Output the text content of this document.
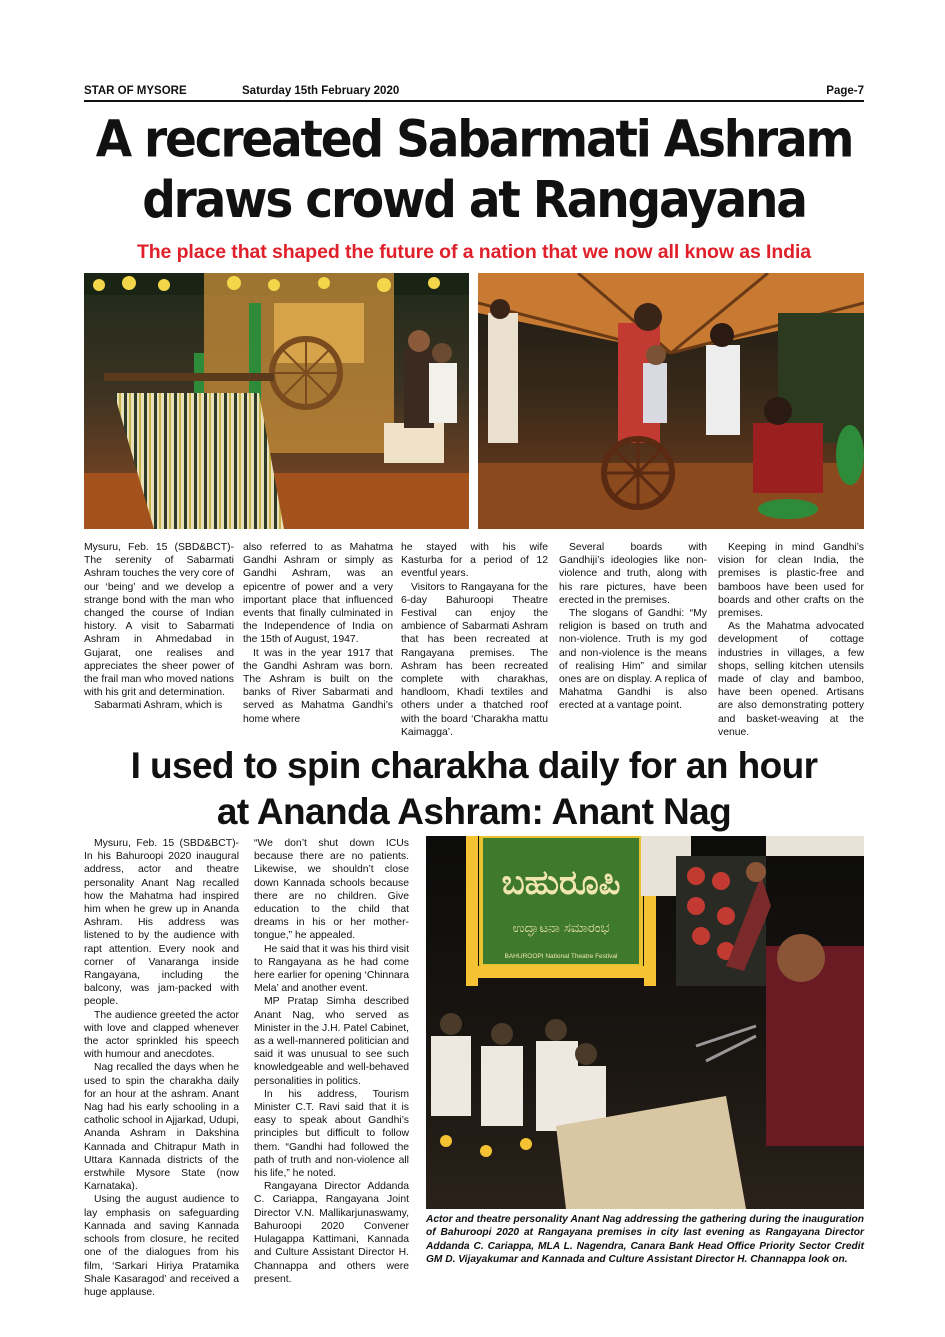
STAR OF MYSORE	Saturday 15th February 2020	Page-7
A recreated Sabarmati Ashram
draws crowd at Rangayana
The place that shaped the future of a nation that we now all know as India

Mysuru, Feb. 15 (SBD&BCT)- The serenity of Sabarmati Ashram touches the very core of our ‘being’ and we develop a strange bond with the man who changed the course of Indian history. A visit to Sabarmati Ashram in Ahmedabad in Gujarat, one realises and appreciates the sheer power of the frail man who moved nations with his grit and determination.

Sabarmati Ashram, which is

also referred to as Mahatma Gandhi Ashram or simply as Gandhi Ashram, was an epicentre of power and a very important place that influenced events that finally culminated in the Independence of India on the 15th of August, 1947.

It was in the year 1917 that the Gandhi Ashram was born. The Ashram is built on the banks of River Sabarmati and served as Mahatma Gandhi’s home where

he stayed with his wife Kasturba for a period of 12 eventful years.

Visitors to Rangayana for the 6-day Bahuroopi Theatre Festival can enjoy the ambience of Sabarmati Ashram that has been recreated at Rangayana premises. The Ashram has been recreated complete with charakhas, handloom, Khadi textiles and others under a thatched roof with the board ‘Charakha mattu Kaimagga’.

Several boards with Gandhiji’s ideologies like non-violence and truth, along with his rare pictures, have been erected in the premises.

The slogans of Gandhi: “My religion is based on truth and non-violence. Truth is my god and non-violence is the means of realising Him” and similar ones are on display. A replica of Mahatma Gandhi is also erected at a vantage point.

Keeping in mind Gandhi’s vision for clean India, the premises is plastic-free and bamboos have been used for boards and other crafts on the premises.

As the Mahatma advocated development of cottage industries in villages, a few shops, selling kitchen utensils made of clay and bamboo, have been opened. Artisans are also demonstrating pottery and basket-weaving at the venue.

I used to spin charakha daily for an hour
at Ananda Ashram: Anant Nag

Mysuru, Feb. 15 (SBD&BCT)- In his Bahuroopi 2020 inaugural address, actor and theatre personality Anant Nag recalled how the Mahatma had inspired him when he grew up in Ananda Ashram. His address was listened to by the audience with rapt attention. Every nook and corner of Vanaranga inside Rangayana, including the balcony, was jam-packed with people.

The audience greeted the actor with love and clapped whenever the actor sprinkled his speech with humour and anecdotes.

Nag recalled the days when he used to spin the charakha daily for an hour at the ashram. Anant Nag had his early schooling in a catholic school in Ajjarkad, Udupi, Ananda Ashram in Dakshina Kannada and Chitrapur Math in Uttara Kannada districts of the erstwhile Mysore State (now Karnataka).

Using the august audience to lay emphasis on safeguarding Kannada and saving Kannada schools from closure, he recited one of the dialogues from his film, ‘Sarkari Hiriya Pratamika Shale Kasaragod’ and received a huge applause.

“We don’t shut down ICUs because there are no patients. Likewise, we shouldn’t close down Kannada schools because there are no children. Give education to the child that dreams in his or her mother-tongue,” he appealed.

He said that it was his third visit to Rangayana as he had come here earlier for opening ‘Chinnara Mela’ and another event.

MP Pratap Simha described Anant Nag, who served as Minister in the J.H. Patel Cabinet, as a well-mannered politician and said it was unusual to see such knowledgeable and well-behaved personalities in politics.

In his address, Tourism Minister C.T. Ravi said that it is easy to speak about Gandhi’s principles but difficult to follow them. “Gandhi had followed the path of truth and non-violence all his life,” he noted.

Rangayana Director Addanda C. Cariappa, Rangayana Joint Director V.N. Mallikarjunaswamy, Bahuroopi 2020 Convener Hulagappa Kattimani, Kannada and Culture Assistant Director H. Channappa and others were present.

ಬಹುರೂಪಿ
ಉದ್ಘಾಟನಾ ಸಮಾರಂಭ
BAHUROOPI National Theatre Festival
Actor and theatre personality Anant Nag addressing the gathering during the inauguration of Bahuroopi 2020 at Rangayana premises in city last evening as Rangayana Director Addanda C. Cariappa, MLA L. Nagendra, Canara Bank Head Office Priority Sector Credit GM D. Vijayakumar and Kannada and Culture Assistant Director H. Channappa look on.
